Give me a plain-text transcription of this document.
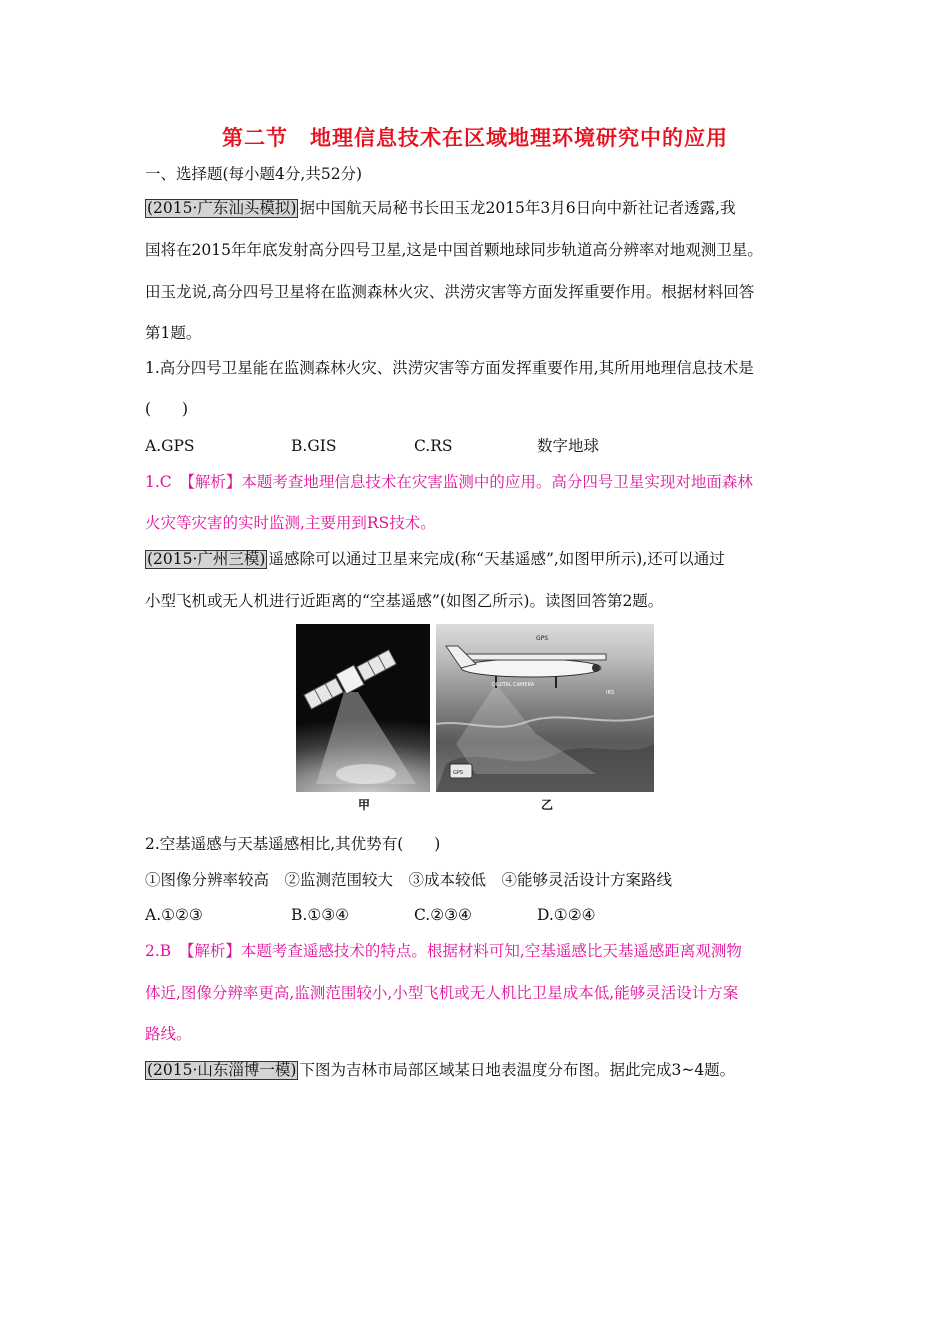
第二节　地理信息技术在区域地理环境研究中的应用
一、选择题(每小题4分,共52分)
(2015·广东汕头模拟) 据中国航天局秘书长田玉龙2015年3月6日向中新社记者透露,我
国将在2015年年底发射高分四号卫星,这是中国首颗地球同步轨道高分辨率对地观测卫星。
田玉龙说,高分四号卫星将在监测森林火灾、洪涝灾害等方面发挥重要作用。根据材料回答
第1题。
1.高分四号卫星能在监测森林火灾、洪涝灾害等方面发挥重要作用,其所用地理信息技术是
(　　)
A.GPS	B.GIS	C.RS	数字地球
1.C　【解析】本题考查地理信息技术在灾害监测中的应用。高分四号卫星实现对地面森林
火灾等灾害的实时监测,主要用到RS技术。
(2015·广州三模) 遥感除可以通过卫星来完成(称“天基遥感”,如图甲所示),还可以通过
小型飞机或无人机进行近距离的“空基遥感”(如图乙所示)。读图回答第2题。
GPS
DIGITAL CAMERA
IRS
GPS
甲	乙
2.空基遥感与天基遥感相比,其优势有(　　)
①图像分辨率较高　②监测范围较大　③成本较低　④能够灵活设计方案路线
A.①②③	B.①③④	C.②③④	D.①②④
2.B　【解析】本题考查遥感技术的特点。根据材料可知,空基遥感比天基遥感距离观测物
体近,图像分辨率更高,监测范围较小,小型飞机或无人机比卫星成本低,能够灵活设计方案
路线。
(2015·山东淄博一模) 下图为吉林市局部区域某日地表温度分布图。据此完成3~4题。
